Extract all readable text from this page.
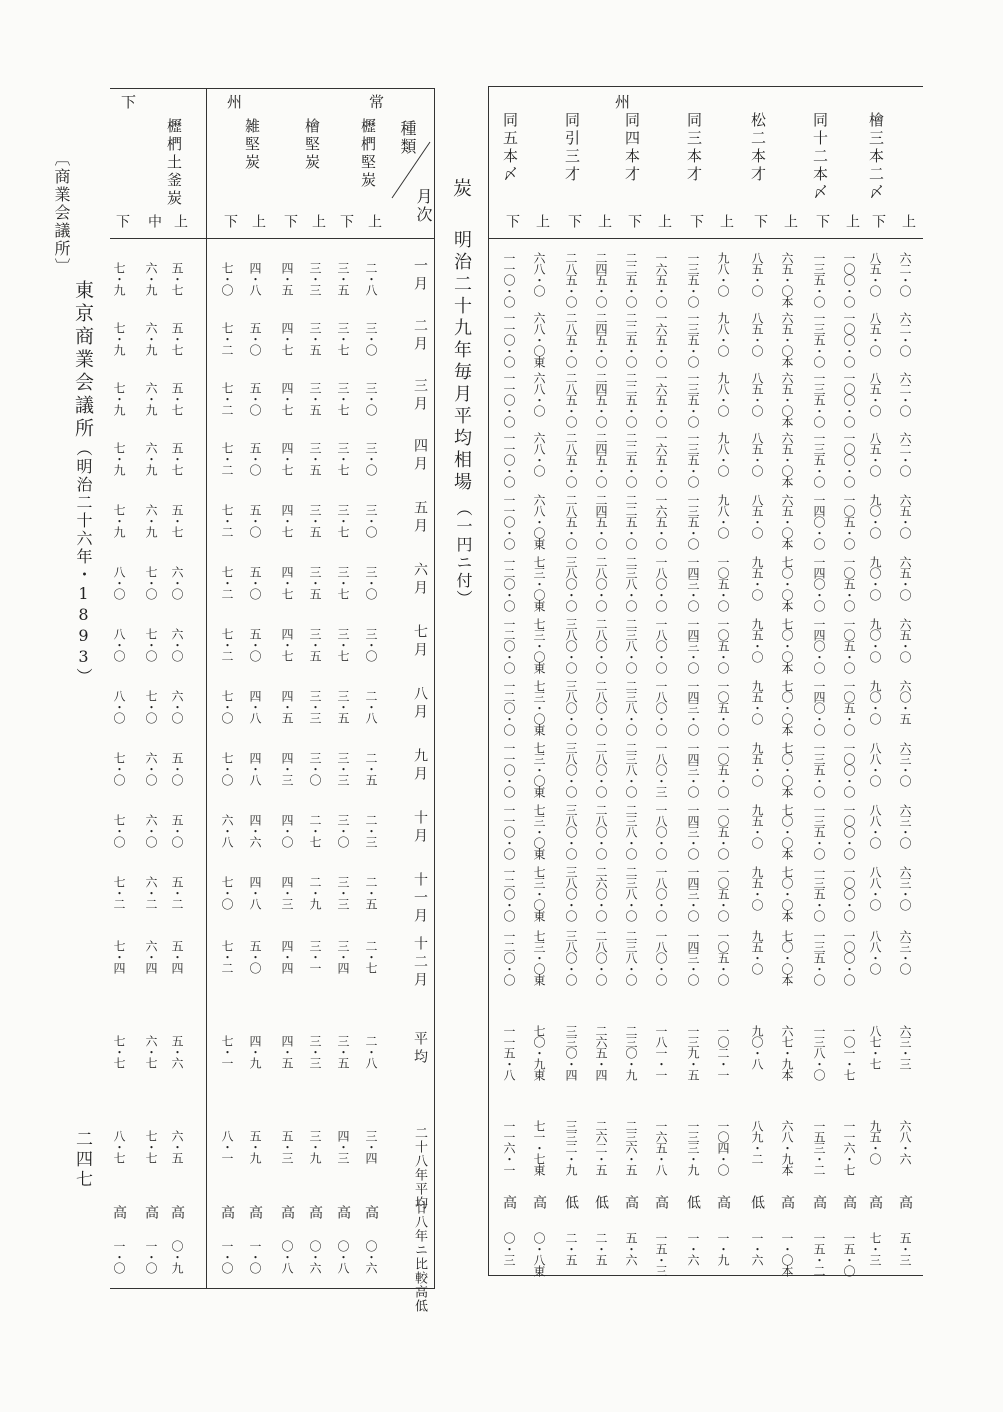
〔商業会議所〕
東京商業会議所
（明治二十六年・1893）
二四七
炭
明治二十九年毎月平均相場
（一円ニ付）
種類
月次
一月
二月
三月
四月
五月
六月
七月
八月
九月
十月
十一月
十二月
平均
二十八年平均
廿八年ニ比較高低
常
州
下	州
櫪椚堅炭
上
二・八
三・〇
三・〇
三・〇
三・〇
三・〇
三・〇
二・八
二・五
二・三
二・五
二・七
二・八
三・四
高
〇・六
下
三・五
三・七
三・七
三・七
三・七
三・七
三・七
三・五
三・三
三・〇
三・三
三・四
三・五
四・三
高
〇・八
檜堅炭
上
三・三
三・五
三・五
三・五
三・五
三・五
三・五
三・三
三・〇
二・七
二・九
三・一
三・三
三・九
高
〇・六
下
四・五
四・七
四・七
四・七
四・七
四・七
四・七
四・五
四・三
四・〇
四・三
四・四
四・五
五・三
高
〇・八
雑堅炭
上
四・八
五・〇
五・〇
五・〇
五・〇
五・〇
五・〇
四・八
四・八
四・六
四・八
五・〇
四・九
五・九
高
一・〇
下
七・〇
七・二
七・二
七・二
七・二
七・二
七・二
七・〇
七・〇
六・八
七・〇
七・二
七・一
八・一
高
一・〇
櫪椚土釜炭
上
五・七
五・七
五・七
五・七
五・七
六・〇
六・〇
六・〇
五・〇
五・〇
五・二
五・四
五・六
六・五
高
〇・九
中
六・九
六・九
六・九
六・九
六・九
七・〇
七・〇
七・〇
六・〇
六・〇
六・二
六・四
六・七
七・七
高
一・〇
下
七・九
七・九
七・九
七・九
七・九
八・〇
八・〇
八・〇
七・〇
七・〇
七・二
七・四
七・七
八・七
高
一・〇
檜三本二〆
上
六二・〇
六二・〇
六二・〇
六二・〇
六五・〇
六五・〇
六五・〇
六〇・五
六三・〇
六三・〇
六三・〇
六三・〇
六三・三
六八・六
高
五・三
下
八五・〇
八五・〇
八五・〇
八五・〇
九〇・〇
九〇・〇
九〇・〇
九〇・〇
八八・〇
八八・〇
八八・〇
八八・〇
八七・七
九五・〇
高
七・三
同十二本〆
上
一〇〇・〇
一〇〇・〇
一〇〇・〇
一〇〇・〇
一〇五・〇
一〇五・〇
一〇五・〇
一〇五・〇
一〇〇・〇
一〇〇・〇
一〇〇・〇
一〇〇・〇
一〇一・七
一一六・七
高
一五・〇
下
一三五・〇
一三五・〇
一三五・〇
一三五・〇
一四〇・〇
一四〇・〇
一四〇・〇
一四〇・〇
一三五・〇
一三五・〇
一三五・〇
一三五・〇
一三八・〇
一五三・二
高
一五・二
松二本才
上
六五・〇本
六五・〇本
六五・〇本
六五・〇本
六五・〇本
七〇・〇本
七〇・〇本
七〇・〇本
七〇・〇本
七〇・〇本
七〇・〇本
七〇・〇本
六七・九本
六八・九本
高
一・〇本
下
八五・〇
八五・〇
八五・〇
八五・〇
八五・〇
九五・〇
九五・〇
九五・〇
九五・〇
九五・〇
九五・〇
九五・〇
九〇・八
八九・二
低
一・六
同三本才
上
九八・〇
九八・〇
九八・〇
九八・〇
九八・〇
一〇五・〇
一〇五・〇
一〇五・〇
一〇五・〇
一〇五・〇
一〇五・〇
一〇五・〇
一〇二・一
一〇四・〇
高
一・九
下
一三五・〇
一三五・〇
一三五・〇
一三五・〇
一三五・〇
一四三・〇
一四三・〇
一四三・〇
一四三・〇
一四三・〇
一四三・〇
一四三・〇
一三九・五
一三三・九
低
一・六
同四本才
上
一六五・〇
一六五・〇
一六五・〇
一六五・〇
一六五・〇
一八〇・〇
一八〇・〇
一八〇・〇
一八〇・三
一八〇・〇
一八〇・〇
一八〇・〇
一八一・一
一六五・八
高
一五・三
下
二二五・〇
二二五・〇
二二五・〇
二二五・〇
二二五・〇
二三八・〇
二三八・〇
二三八・〇
二三八・〇
二三八・〇
二三八・〇
二三八・〇
二三〇・九
二三六・五
高
五・六
同引三才
上
二四五・〇
二四五・〇
二四五・〇
二四五・〇
二四五・〇
二八〇・〇
二八〇・〇
二八〇・〇
二八〇・〇
二八〇・〇
二六〇・〇
二八〇・〇
二六五・四
二六二・五
低
二・五
下
二八五・〇
二八五・〇
二八五・〇
二八五・〇
二八五・〇
三八〇・〇
三八〇・〇
三八〇・〇
三八〇・〇
三八〇・〇
三八〇・〇
三八〇・〇
三三〇・四
三三二・九
低
二・五
同五本〆
上
六八・〇
六八・〇東
六八・〇
六八・〇
六八・〇東
七三・〇東
七三・〇東
七三・〇東
七三・〇東
七三・〇東
七三・〇東
七三・〇東
七〇・九東
七一・七東
高
〇・八東
下
一一〇・〇
一一〇・〇
一一〇・〇
一一〇・〇
一一〇・〇
一二〇・〇
一二〇・〇
一二〇・〇
一一〇・〇
一一〇・〇
一二〇・〇
一二〇・〇
一一五・八
一一六・一
高
〇・三
